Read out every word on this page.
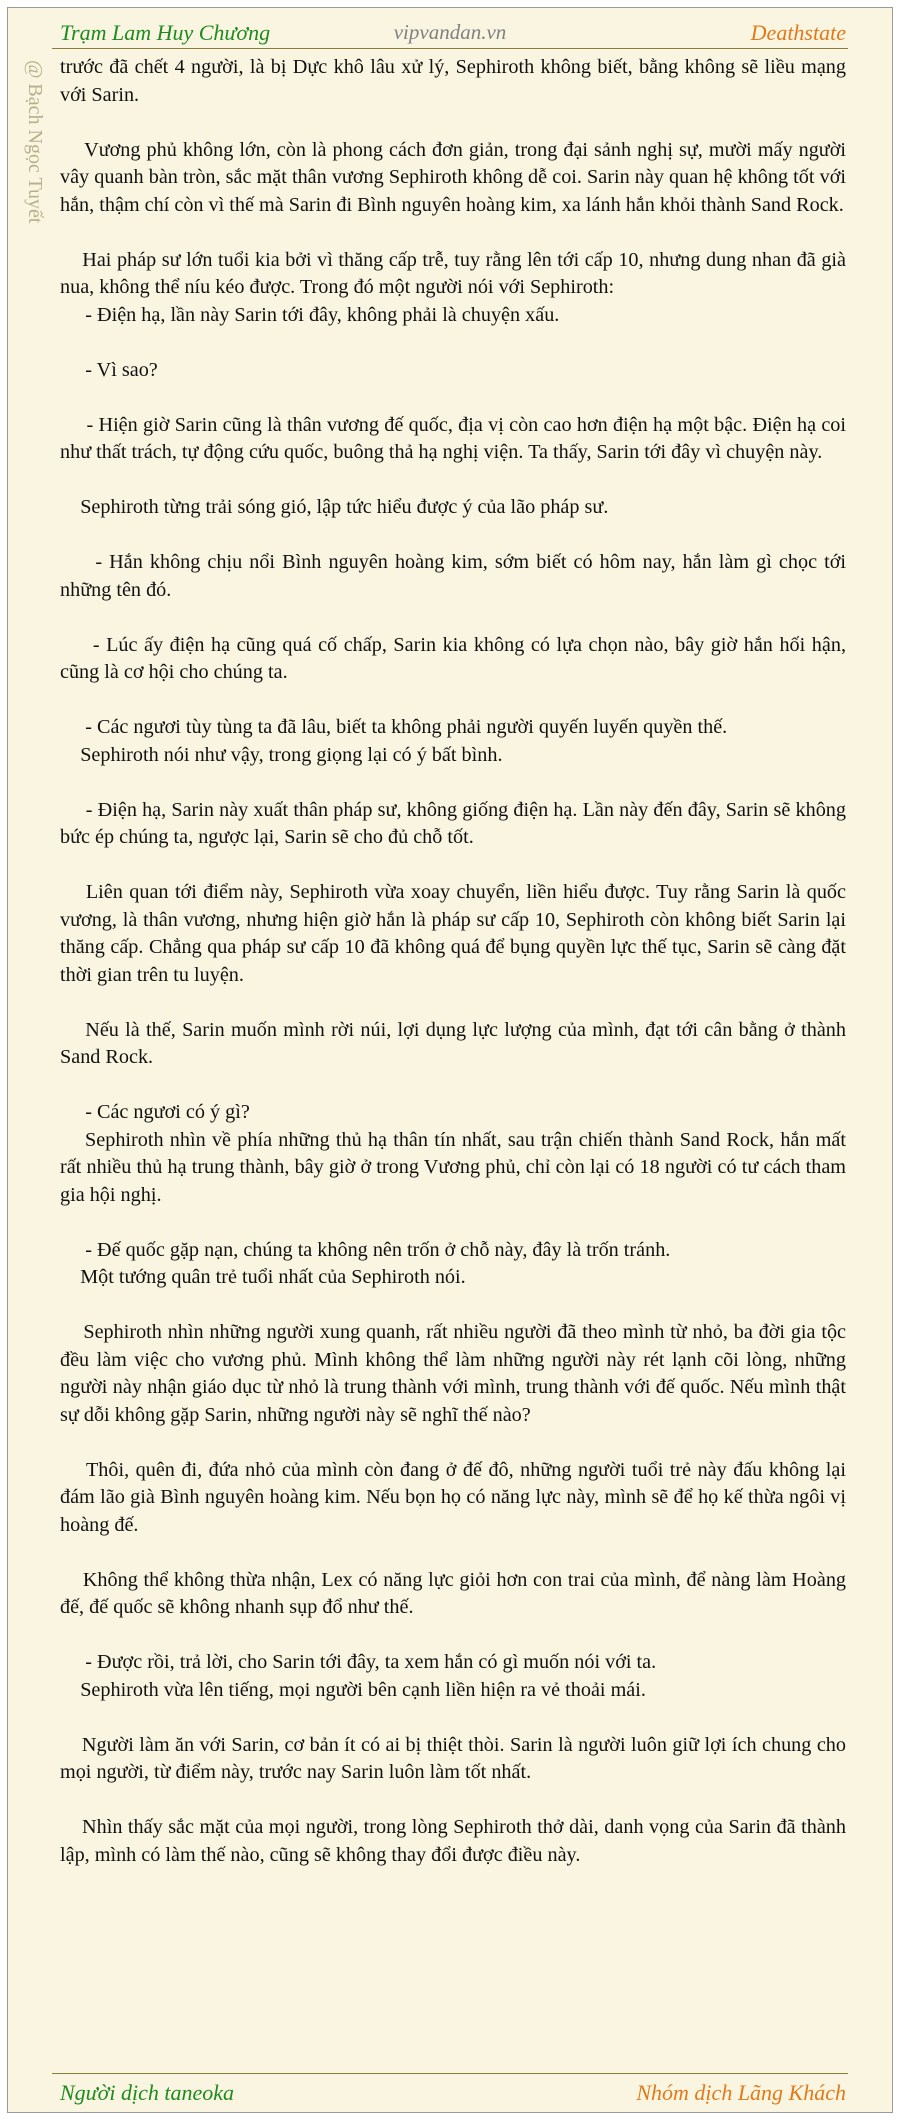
Trạm Lam Huy Chương	vipvandan.vn	Deathstate
@ Bạch Ngọc Tuyết trước đã chết 4 người, là bị Dực khô lâu xử lý, Sephiroth không biết, bằng không sẽ liều mạng với Sarin.

Vương phủ không lớn, còn là phong cách đơn giản, trong đại sảnh nghị sự, mười mấy người vây quanh bàn tròn, sắc mặt thân vương Sephiroth không dễ coi. Sarin này quan hệ không tốt với hắn, thậm chí còn vì thế mà Sarin đi Bình nguyên hoàng kim, xa lánh hắn khỏi thành Sand Rock.

Hai pháp sư lớn tuổi kia bởi vì thăng cấp trễ, tuy rằng lên tới cấp 10, nhưng dung nhan đã già nua, không thể níu kéo được. Trong đó một người nói với Sephiroth:

- Điện hạ, lần này Sarin tới đây, không phải là chuyện xấu.

- Vì sao?

- Hiện giờ Sarin cũng là thân vương đế quốc, địa vị còn cao hơn điện hạ một bậc. Điện hạ coi như thất trách, tự động cứu quốc, buông thả hạ nghị viện. Ta thấy, Sarin tới đây vì chuyện này.

Sephiroth từng trải sóng gió, lập tức hiểu được ý của lão pháp sư.

- Hắn không chịu nổi Bình nguyên hoàng kim, sớm biết có hôm nay, hắn làm gì chọc tới những tên đó.

- Lúc ấy điện hạ cũng quá cố chấp, Sarin kia không có lựa chọn nào, bây giờ hắn hối hận, cũng là cơ hội cho chúng ta.

- Các ngươi tùy tùng ta đã lâu, biết ta không phải người quyến luyến quyền thế.

Sephiroth nói như vậy, trong giọng lại có ý bất bình.

- Điện hạ, Sarin này xuất thân pháp sư, không giống điện hạ. Lần này đến đây, Sarin sẽ không bức ép chúng ta, ngược lại, Sarin sẽ cho đủ chỗ tốt.

Liên quan tới điểm này, Sephiroth vừa xoay chuyển, liền hiểu được. Tuy rằng Sarin là quốc vương, là thân vương, nhưng hiện giờ hắn là pháp sư cấp 10, Sephiroth còn không biết Sarin lại thăng cấp. Chẳng qua pháp sư cấp 10 đã không quá để bụng quyền lực thế tục, Sarin sẽ càng đặt thời gian trên tu luyện.

Nếu là thế, Sarin muốn mình rời núi, lợi dụng lực lượng của mình, đạt tới cân bằng ở thành Sand Rock.

- Các ngươi có ý gì?

Sephiroth nhìn về phía những thủ hạ thân tín nhất, sau trận chiến thành Sand Rock, hắn mất rất nhiều thủ hạ trung thành, bây giờ ở trong Vương phủ, chỉ còn lại có 18 người có tư cách tham gia hội nghị.

- Đế quốc gặp nạn, chúng ta không nên trốn ở chỗ này, đây là trốn tránh.

Một tướng quân trẻ tuổi nhất của Sephiroth nói.

Sephiroth nhìn những người xung quanh, rất nhiều người đã theo mình từ nhỏ, ba đời gia tộc đều làm việc cho vương phủ. Mình không thể làm những người này rét lạnh cõi lòng, những người này nhận giáo dục từ nhỏ là trung thành với mình, trung thành với đế quốc. Nếu mình thật sự dỗi không gặp Sarin, những người này sẽ nghĩ thế nào?

Thôi, quên đi, đứa nhỏ của mình còn đang ở đế đô, những người tuổi trẻ này đấu không lại đám lão già Bình nguyên hoàng kim. Nếu bọn họ có năng lực này, mình sẽ để họ kế thừa ngôi vị hoàng đế.

Không thể không thừa nhận, Lex có năng lực giỏi hơn con trai của mình, để nàng làm Hoàng đế, đế quốc sẽ không nhanh sụp đổ như thế.

- Được rồi, trả lời, cho Sarin tới đây, ta xem hắn có gì muốn nói với ta.

Sephiroth vừa lên tiếng, mọi người bên cạnh liền hiện ra vẻ thoải mái.

Người làm ăn với Sarin, cơ bản ít có ai bị thiệt thòi. Sarin là người luôn giữ lợi ích chung cho mọi người, từ điểm này, trước nay Sarin luôn làm tốt nhất.

Nhìn thấy sắc mặt của mọi người, trong lòng Sephiroth thở dài, danh vọng của Sarin đã thành lập, mình có làm thế nào, cũng sẽ không thay đổi được điều này.

Người dịch taneoka	Nhóm dịch Lãng Khách
